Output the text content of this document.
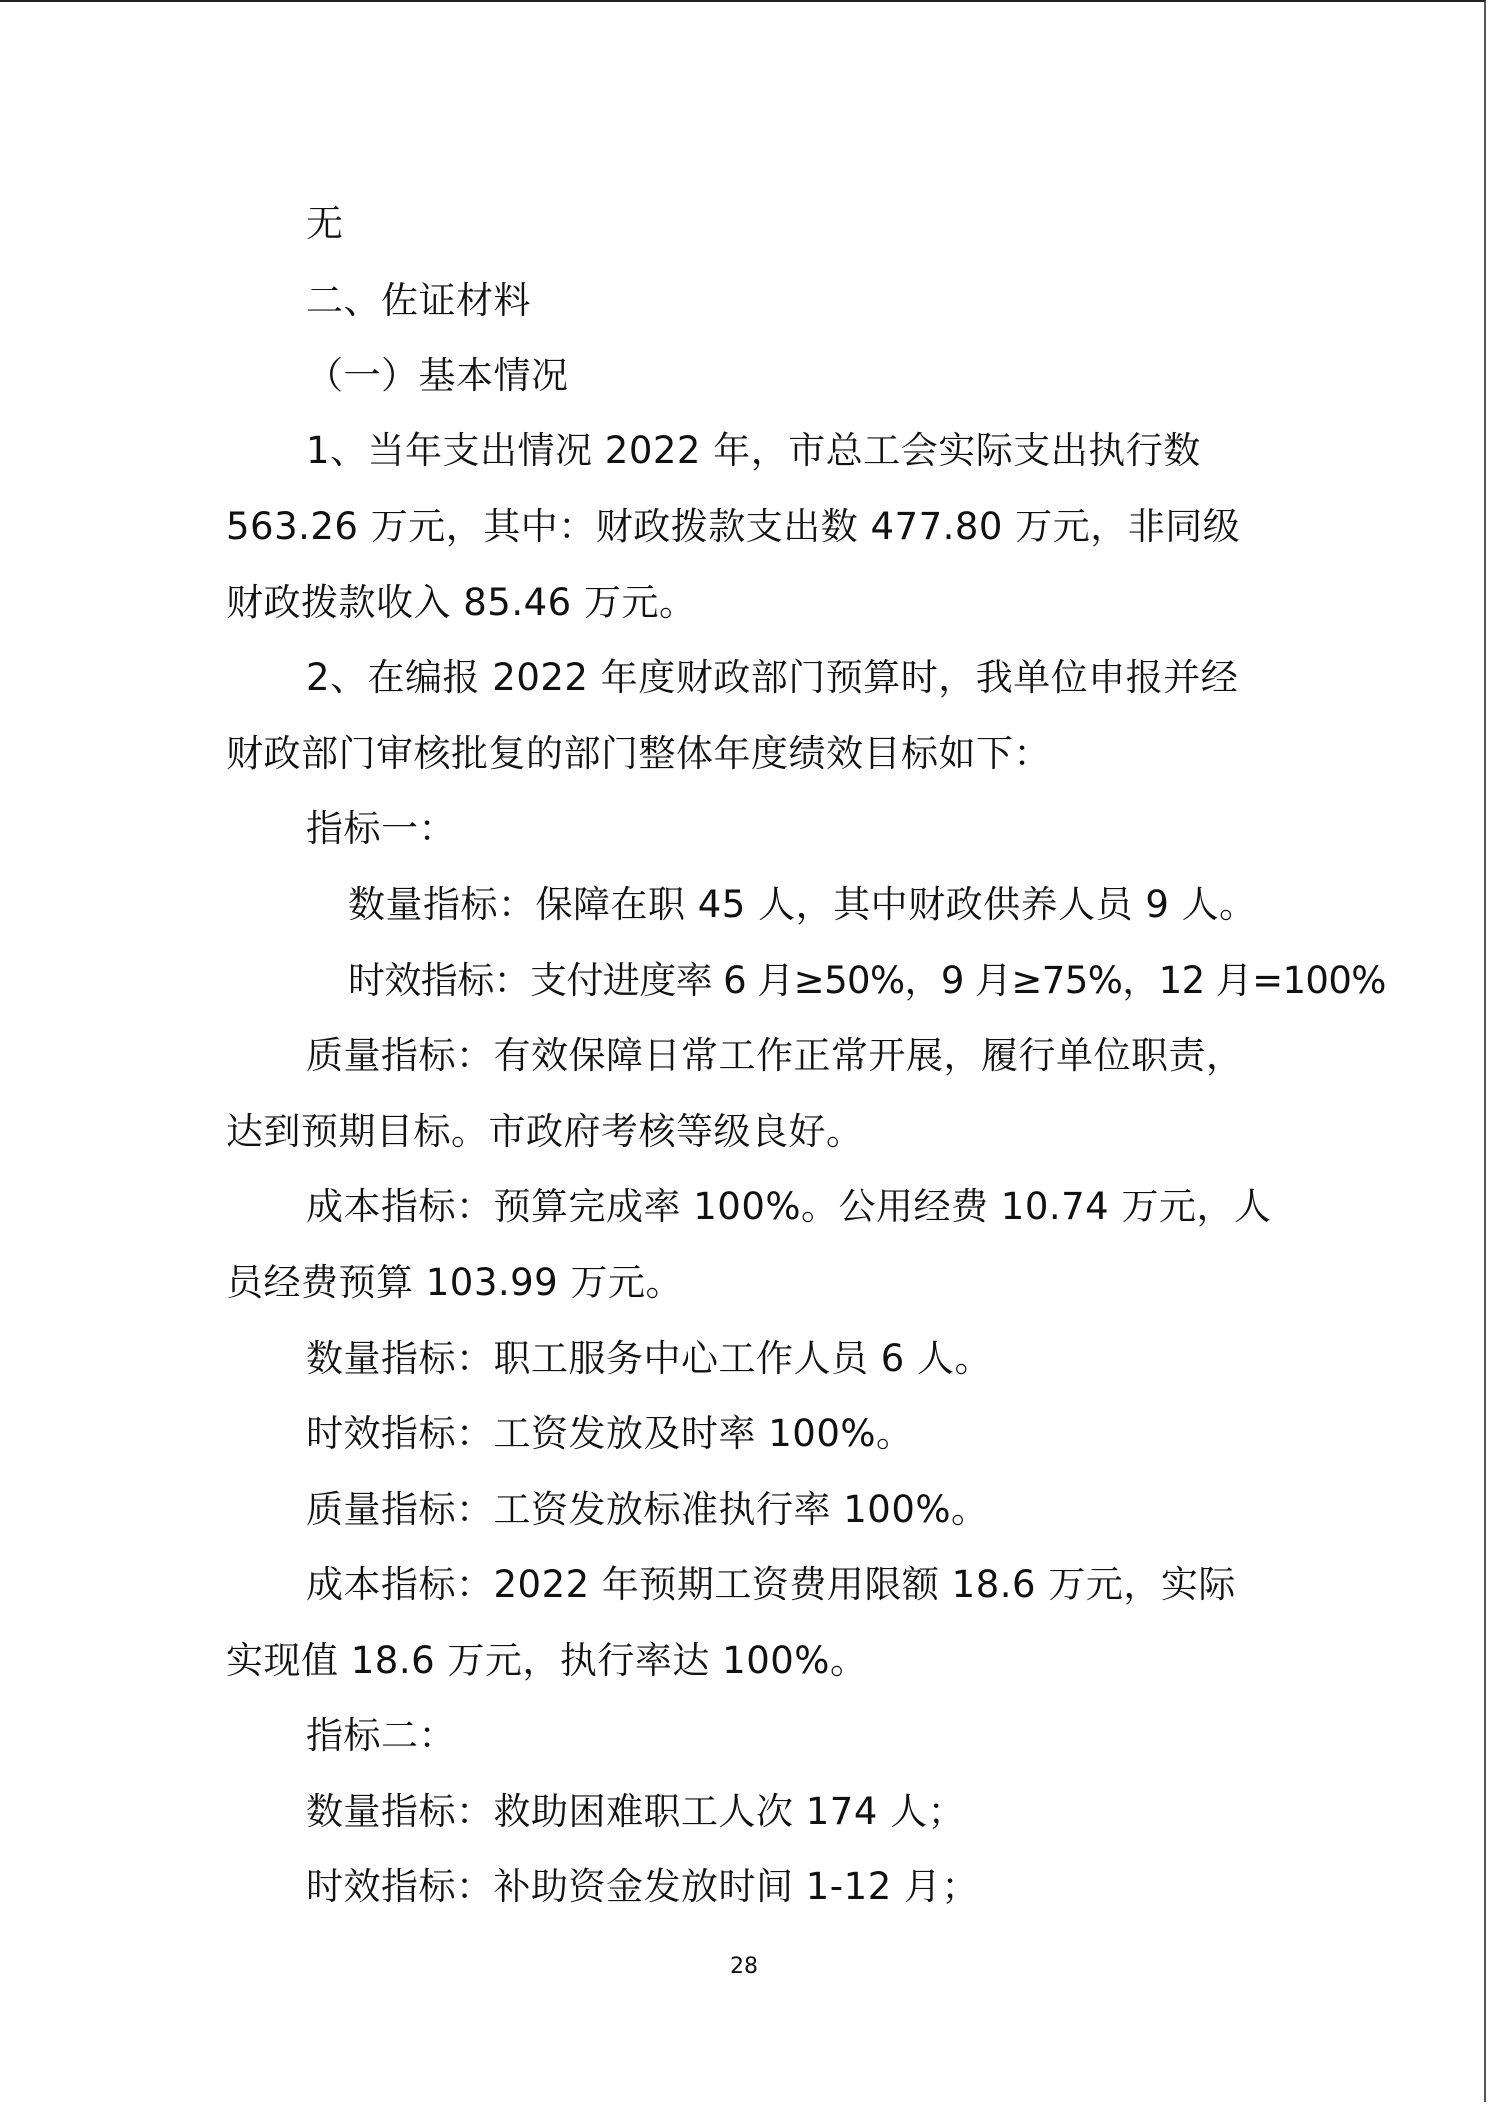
无

二、佐证材料

（一）基本情况

1、当年支出情况 2022 年，市总工会实际支出执行数

563.26 万元，其中：财政拨款支出数 477.80 万元，非同级

财政拨款收入 85.46 万元。

2、在编报 2022 年度财政部门预算时，我单位申报并经

财政部门审核批复的部门整体年度绩效目标如下：

指标一：

数量指标：保障在职 45 人，其中财政供养人员 9 人。

时效指标：支付进度率 6 月≥50%，9 月≥75%，12 月=100%

质量指标：有效保障日常工作正常开展，履行单位职责，

达到预期目标。市政府考核等级良好。

成本指标：预算完成率 100%。公用经费 10.74 万元，人

员经费预算 103.99 万元。

数量指标：职工服务中心工作人员 6 人。

时效指标：工资发放及时率 100%。

质量指标：工资发放标准执行率 100%。

成本指标：2022 年预期工资费用限额 18.6 万元，实际

实现值 18.6 万元，执行率达 100%。

指标二：

数量指标：救助困难职工人次 174 人；

时效指标：补助资金发放时间 1-12 月；

28
